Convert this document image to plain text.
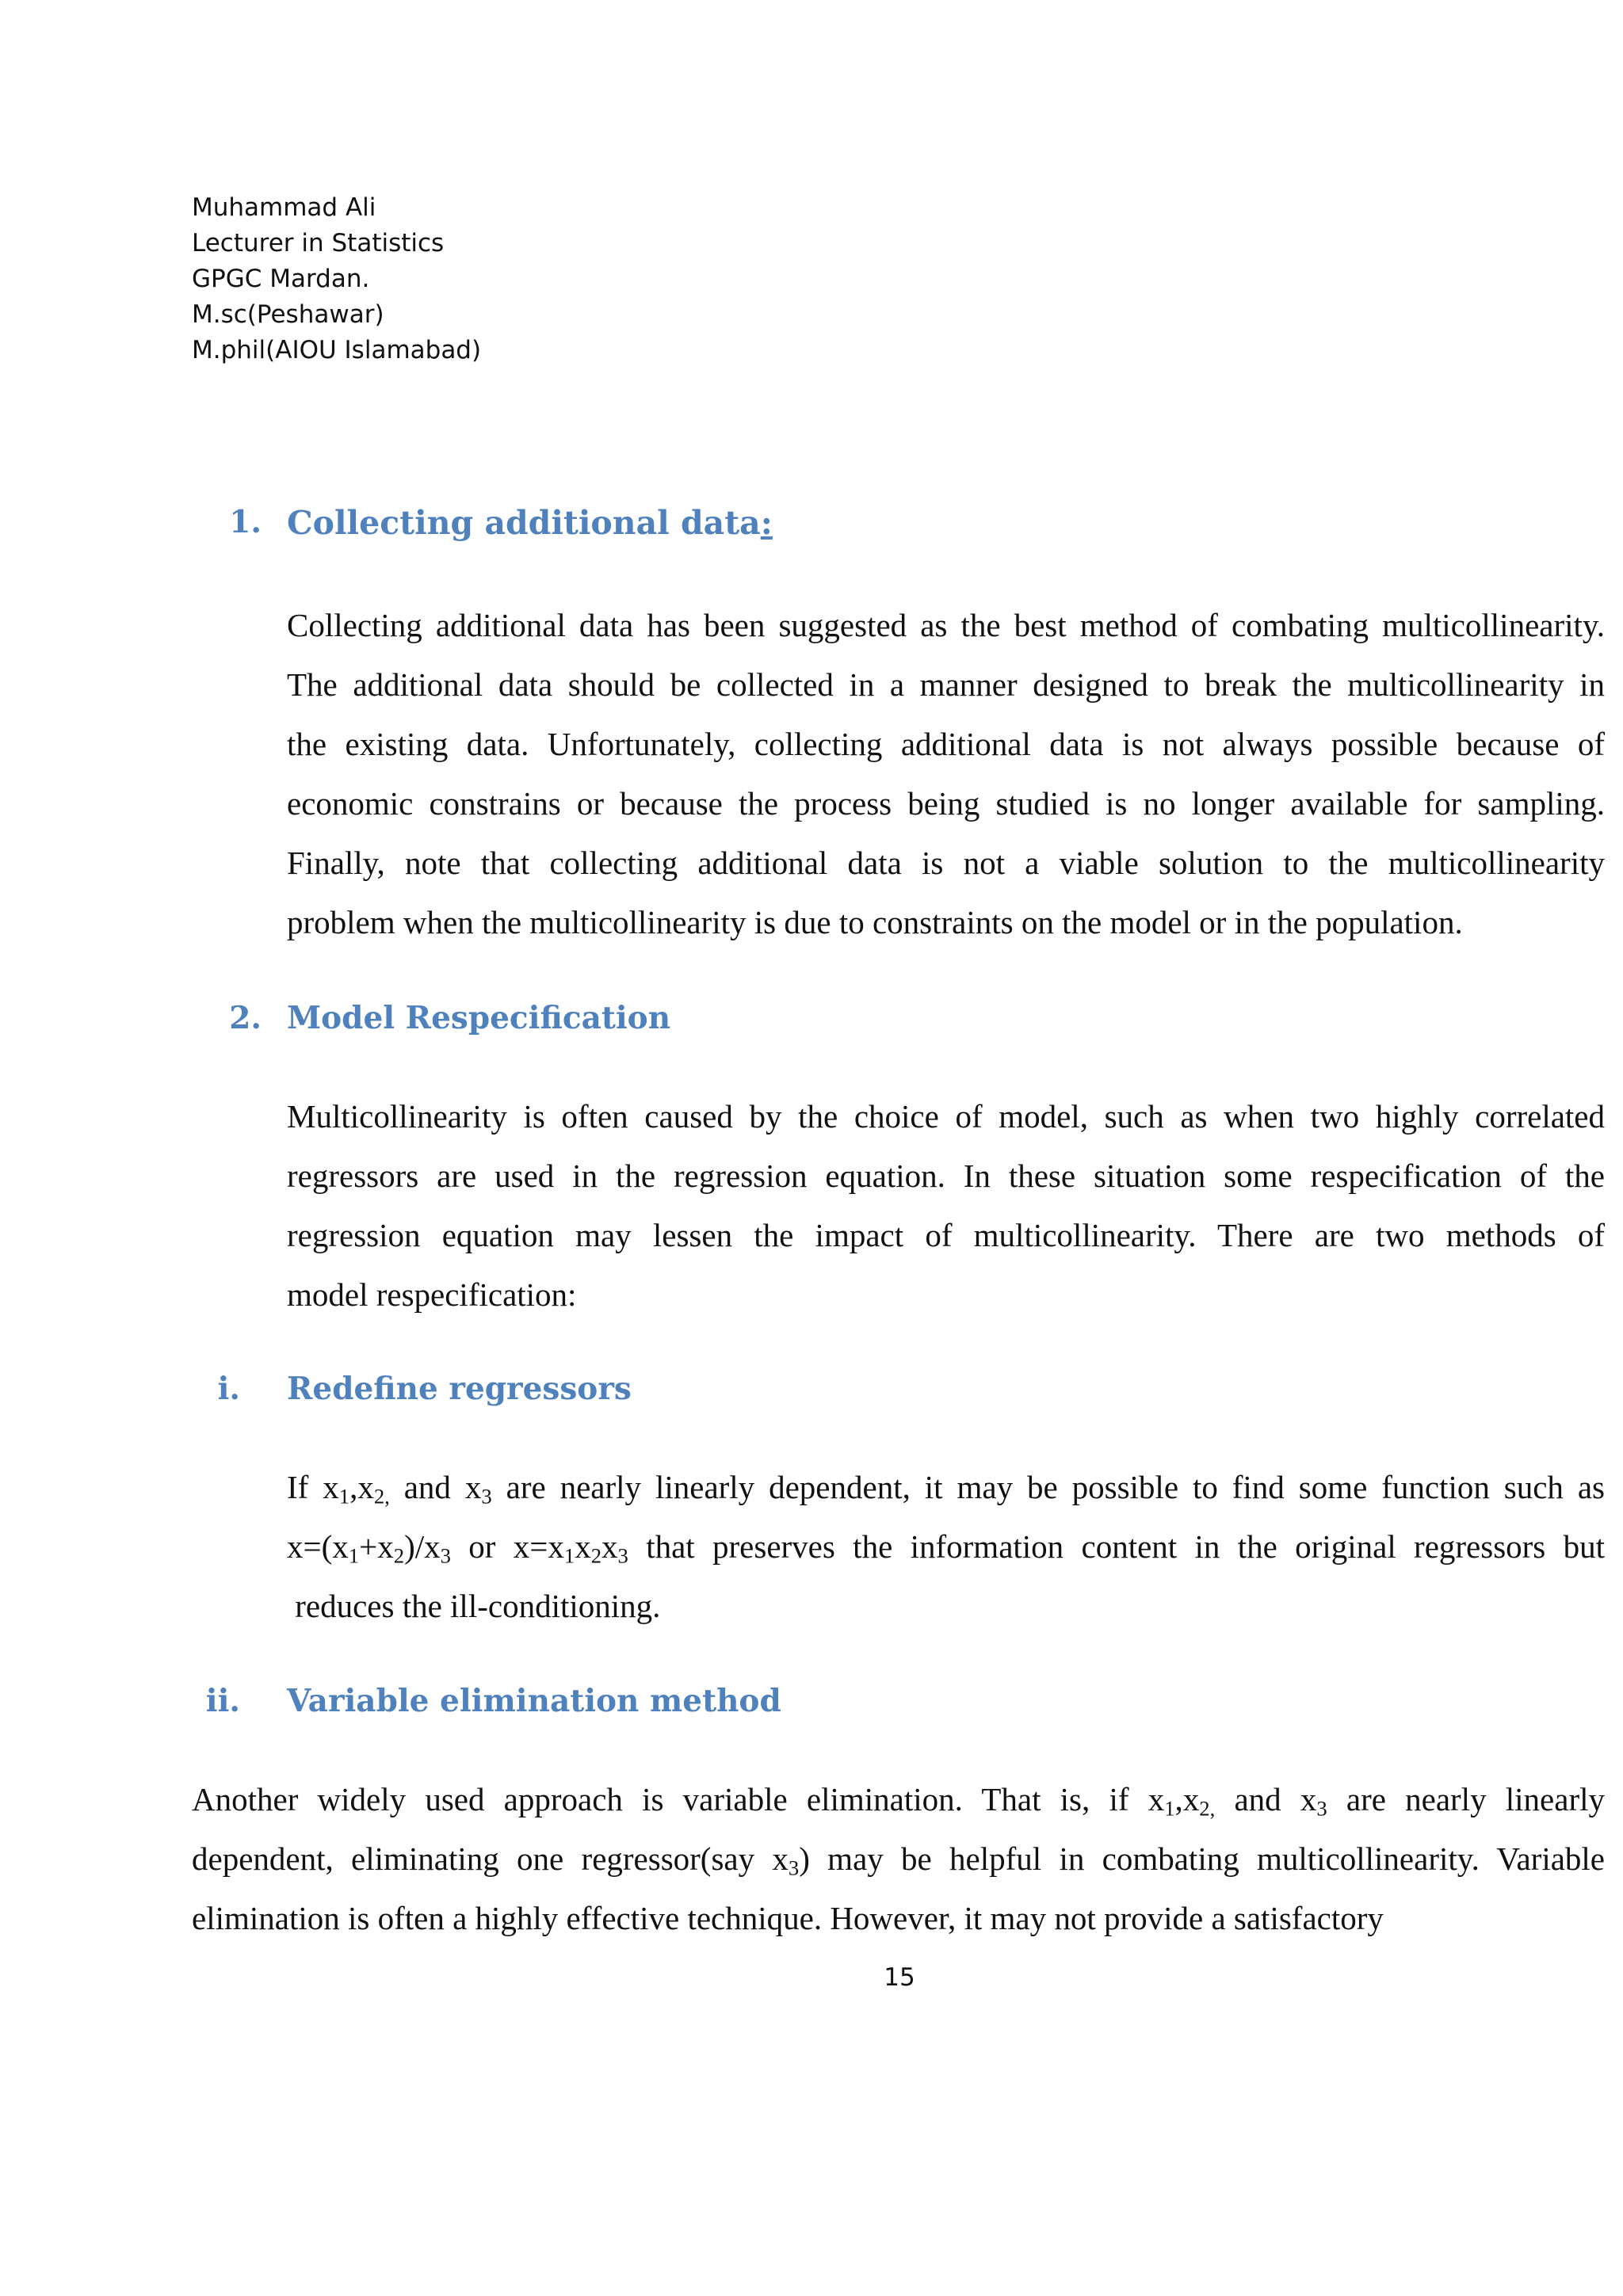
Muhammad Ali
Lecturer in Statistics
GPGC Mardan.
M.sc(Peshawar)
M.phil(AIOU Islamabad)
1. Collecting additional data:
Collecting additional data has been suggested as the best method of combating multicollinearity.
The additional data should be collected in a manner designed to break the multicollinearity in
the existing data. Unfortunately, collecting additional data is not always possible because of
economic constrains or because the process being studied is no longer available for sampling.
Finally, note that collecting additional data is not a viable solution to the multicollinearity
problem when the multicollinearity is due to constraints on the model or in the population.
2. Model Respecification
Multicollinearity is often caused by the choice of model, such as when two highly correlated
regressors are used in the regression equation. In these situation some respecification of the
regression equation may lessen the impact of multicollinearity. There are two methods of
model respecification:
i. Redefine regressors
If $x_1,x_{2,}$ and $x_3$ are nearly linearly dependent, it may be possible to find some function such as
$x=(x_1+x_2)/x_3$ or $x=x_1x_2x_3$ that preserves the information content in the original regressors but
reduces the ill-conditioning.
ii. Variable elimination method
Another widely used approach is variable elimination. That is, if $x_1,x_{2,}$ and $x_3$ are nearly linearly
dependent, eliminating one regressor(say $x_3$) may be helpful in combating multicollinearity. Variable
elimination is often a highly effective technique. However, it may not provide a satisfactory
15
